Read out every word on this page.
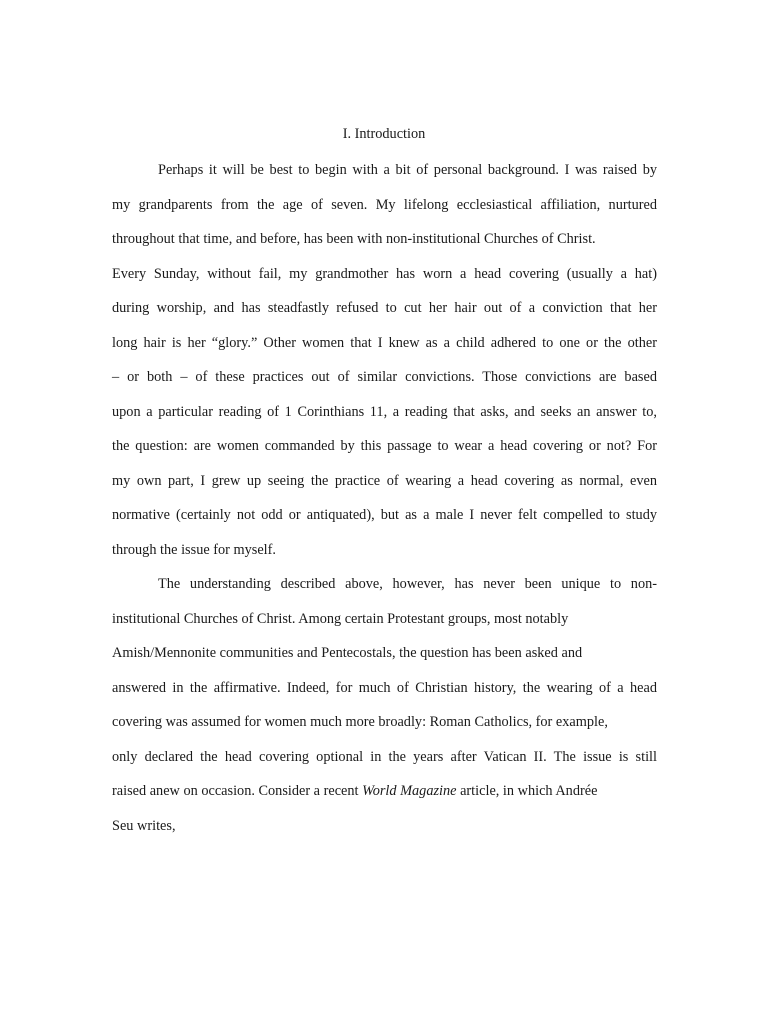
I. Introduction
Perhaps it will be best to begin with a bit of personal background. I was raised by
my grandparents from the age of seven. My lifelong ecclesiastical affiliation, nurtured
throughout that time, and before, has been with non-institutional Churches of Christ.
Every Sunday, without fail, my grandmother has worn a head covering (usually a hat)
during worship, and has steadfastly refused to cut her hair out of a conviction that her
long hair is her “glory.” Other women that I knew as a child adhered to one or the other
– or both – of these practices out of similar convictions. Those convictions are based
upon a particular reading of 1 Corinthians 11, a reading that asks, and seeks an answer to,
the question: are women commanded by this passage to wear a head covering or not? For
my own part, I grew up seeing the practice of wearing a head covering as normal, even
normative (certainly not odd or antiquated), but as a male I never felt compelled to study
through the issue for myself.
The understanding described above, however, has never been unique to non-
institutional Churches of Christ. Among certain Protestant groups, most notably
Amish/Mennonite communities and Pentecostals, the question has been asked and
answered in the affirmative. Indeed, for much of Christian history, the wearing of a head
covering was assumed for women much more broadly: Roman Catholics, for example,
only declared the head covering optional in the years after Vatican II. The issue is still
raised anew on occasion. Consider a recent World Magazine article, in which Andrée
Seu writes,
